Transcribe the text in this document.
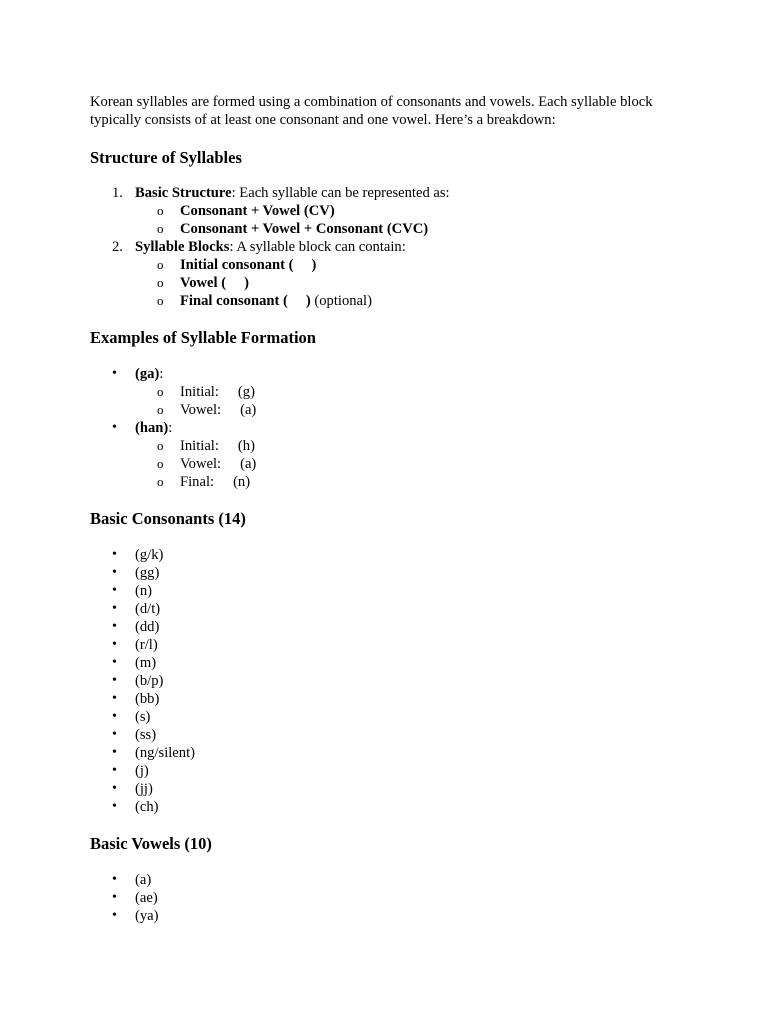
Korean syllables are formed using a combination of consonants and vowels. Each syllable block typically consists of at least one consonant and one vowel. Here’s a breakdown:

Structure of Syllables
1. Basic Structure: Each syllable can be represented as:
o Consonant + Vowel (CV)
o Consonant + Vowel + Consonant (CVC)
2. Syllable Blocks: A syllable block can contain:
o Initial consonant ( )
o Vowel ( )
o Final consonant ( ) (optional)
Examples of Syllable Formation
• (ga):
o Initial: (g)
o Vowel: (a)
• (han):
o Initial: (h)
o Vowel: (a)
o Final: (n)
Basic Consonants (14)
• (g/k)
• (gg)
• (n)
• (d/t)
• (dd)
• (r/l)
• (m)
• (b/p)
• (bb)
• (s)
• (ss)
• (ng/silent)
• (j)
• (jj)
• (ch)
Basic Vowels (10)
• (a)
• (ae)
• (ya)
